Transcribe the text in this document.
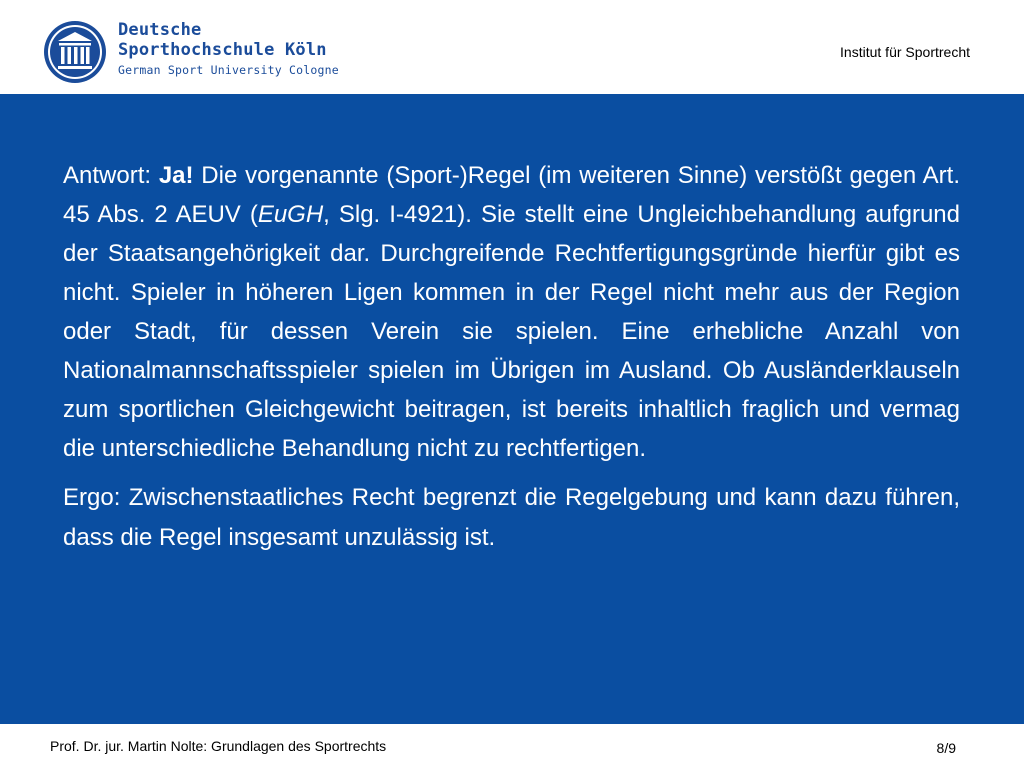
Deutsche
Sporthochschule Köln
German Sport University Cologne
Institut für Sportrecht

Antwort: Ja! Die vorgenannte (Sport-)Regel (im weiteren Sinne) verstößt gegen Art. 45 Abs. 2 AEUV (EuGH, Slg. I-4921). Sie stellt eine Ungleichbehandlung aufgrund der Staatsangehörigkeit dar. Durchgreifende Rechtfertigungsgründe hierfür gibt es nicht. Spieler in höheren Ligen kommen in der Regel nicht mehr aus der Region oder Stadt, für dessen Verein sie spielen. Eine erhebliche Anzahl von Nationalmannschaftsspieler spielen im Übrigen im Ausland. Ob Ausländerklauseln zum sportlichen Gleichgewicht beitragen, ist bereits inhaltlich fraglich und vermag die unterschiedliche Behandlung nicht zu rechtfertigen.

Ergo: Zwischenstaatliches Recht begrenzt die Regelgebung und kann dazu führen, dass die Regel insgesamt unzulässig ist.

Prof. Dr. jur. Martin Nolte: Grundlagen des Sportrechts	8/9
